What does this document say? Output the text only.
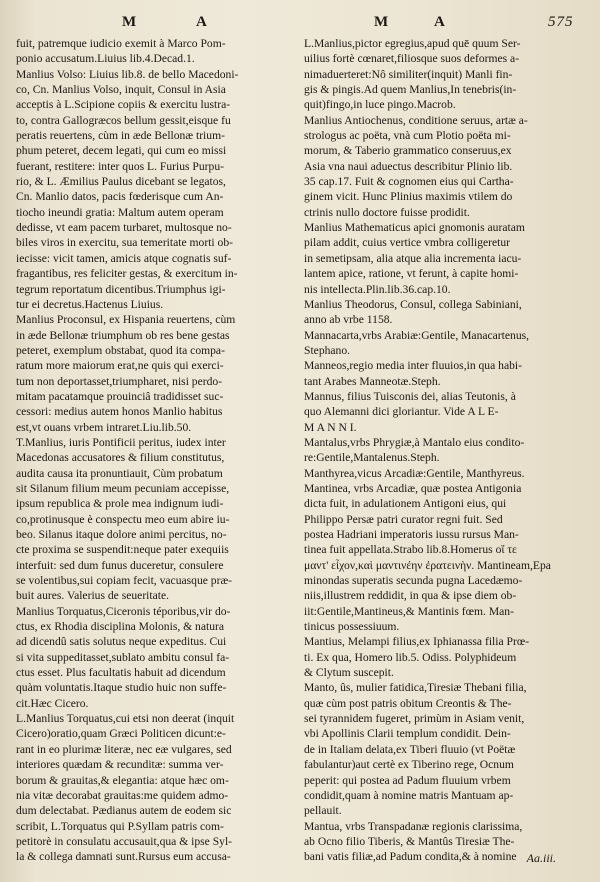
M	A	M	A	575
fuit, patremque iudicio exemit à Marco Pom-
ponio accusatum.Liuius lib.4.Decad.1.
Manlius Volso: Liuius lib.8. de bello Macedoni-
co, Cn. Manlius Volso, inquit, Consul in Asia
acceptis à L.Scipione copiis & exercitu lustra-
to, contra Gallogræcos bellum gessit,eisque fu
peratis reuertens, cùm in æde Bellonæ trium-
phum peteret, decem legati, qui cum eo missi
fuerant, restitere: inter quos L. Furius Purpu-
rio, & L. Æmilius Paulus dicebant se legatos,
Cn. Manlio datos, pacis fœderisque cum An-
tiocho ineundi gratia: Maltum autem operam
dedisse, vt eam pacem turbaret, multosque no-
biles viros in exercitu, sua temeritate morti ob-
iecisse: vicit tamen, amicis atque cognatis suf-
fragantibus, res feliciter gestas, & exercitum in-
tegrum reportatum dicentibus.Triumphus igi-
tur ei decretus.Hactenus Liuius.
Manlius Proconsul, ex Hispania reuertens, cùm
in æde Bellonæ triumphum ob res bene gestas
peteret, exemplum obstabat, quod ita compa-
ratum more maiorum erat,ne quis qui exerci-
tum non deportasset,triumpharet, nisi perdo-
mitam pacatamque prouinciâ tradidisset suc-
cessori: medius autem honos Manlio habitus
est,vt ouans vrbem intraret.Liu.lib.50.
T.Manlius, iuris Pontificii peritus, iudex inter
Macedonas accusatores & filium constitutus,
audita causa ita pronuntiauit, Cùm probatum
sit Silanum filium meum pecuniam accepisse,
ipsum republica & prole mea indignum iudi-
co,protinusque è conspectu meo eum abire iu-
beo. Silanus itaque dolore animi percitus, no-
cte proxima se suspendit:neque pater exequiis
interfuit: sed dum funus duceretur, consulere
se volentibus,sui copiam fecit, vacuasque præ-
buit aures. Valerius de seueritate.
Manlius Torquatus,Ciceronis téporibus,vir do-
ctus, ex Rhodia disciplina Molonis, & natura
ad dicendû satis solutus neque expeditus. Cui
si vita suppeditasset,sublato ambitu consul fa-
ctus esset. Plus facultatis habuit ad dicendum
quàm voluntatis.Itaque studio huic non suffe-
cit.Hæc Cicero.
L.Manlius Torquatus,cui etsi non deerat (inquit
Cicero)oratio,quam Græci Politicen dicunt:e-
rant in eo plurimæ literæ, nec eæ vulgares, sed
interiores quædam & recunditæ: summa ver-
borum & grauitas,& elegantia: atque hæc om-
nia vitæ decorabat grauitas:me quidem admo-
dum delectabat. Pædianus autem de eodem sic
scribit, L.Torquatus qui P.Syllam patris com-
petitorè in consulatu accusauit,qua & ipse Syl-
la & collega damnati sunt.Rursus eum accusa-
L.Manlius,pictor egregius,apud quē quum Ser-
uilius fortè cœnaret,filiosque suos deformes a-
nimaduerteret:Nô similiter(inquit) Manli fin-
gis & pingis.Ad quem Manlius,In tenebris(in-
quit)fingo,in luce pingo.Macrob.
Manlius Antiochenus, conditione seruus, artæ a-
strologus ac poëta, vnà cum Plotio poëta mi-
morum, & Taberio grammatico conseruus,ex
Asia vna naui aduectus describitur Plinio lib.
35 cap.17. Fuit & cognomen eius qui Cartha-
ginem vicit. Hunc Plinius maximis vtilem do
ctrinis nullo doctore fuisse prodidit.
Manlius Mathematicus apici gnomonis auratam
pilam addit, cuius vertice vmbra colligeretur
in semetipsam, alia atque alia incrementa iacu-
lantem apice, ratione, vt ferunt, à capite homi-
nis intellecta.Plin.lib.36.cap.10.
Manlius Theodorus, Consul, collega Sabiniani,
anno ab vrbe 1158.
Mannacarta,vrbs Arabiæ:Gentile, Manacartenus,
Stephano.
Manneos,regio media inter fluuios,in qua habi-
tant Arabes Manneotæ.Steph.
Mannus, filius Tuisconis dei, alias Teutonis, à
quo Alemanni dici gloriantur. Vide A L E-
M A N N I.
Mantalus,vrbs Phrygiæ,à Mantalo eius condito-
re:Gentile,Mantalenus.Steph.
Manthyrea,vicus Arcadiæ:Gentile, Manthyreus.
Mantinea, vrbs Arcadiæ, quæ postea Antigonia
dicta fuit, in adulationem Antigoni eius, qui
Philippo Persæ patri curator regni fuit. Sed
postea Hadriani imperatoris iussu rursus Man-
tinea fuit appellata.Strabo lib.8.Homerus οἵ τε
μαντ' εἶχον,καὶ μαντινέην ἐρατεινὴν. Mantineam,Epa
minondas superatis secunda pugna Lacedæmo-
niis,illustrem reddidit, in qua & ipse diem ob-
iit:Gentile,Mantineus,& Mantinis fœm. Man-
tinicus possessiuum.
Mantius, Melampi filius,ex Iphianassa filia Prœ-
ti. Ex qua, Homero lib.5. Odiss. Polyphideum
& Clytum suscepit.
Manto, ûs, mulier fatidica,Tiresiæ Thebani filia,
quæ cùm post patris obitum Creontis & The-
sei tyrannidem fugeret, primùm in Asiam venit,
vbi Apollinis Clarii templum condidit. Dein-
de in Italiam delata,ex Tiberi fluuio (vt Poëtæ
fabulantur)aut certè ex Tiberino rege, Ocnum
peperit: qui postea ad Padum fluuium vrbem
condidit,quam à nomine matris Mantuam ap-
pellauit.
Mantua, vrbs Transpadanæ regionis clarissima,
ab Ocno filio Tiberis, & Mantûs Tiresiæ The-
bani vatis filiæ,ad Padum condita,& à nomine Aa.iii.
